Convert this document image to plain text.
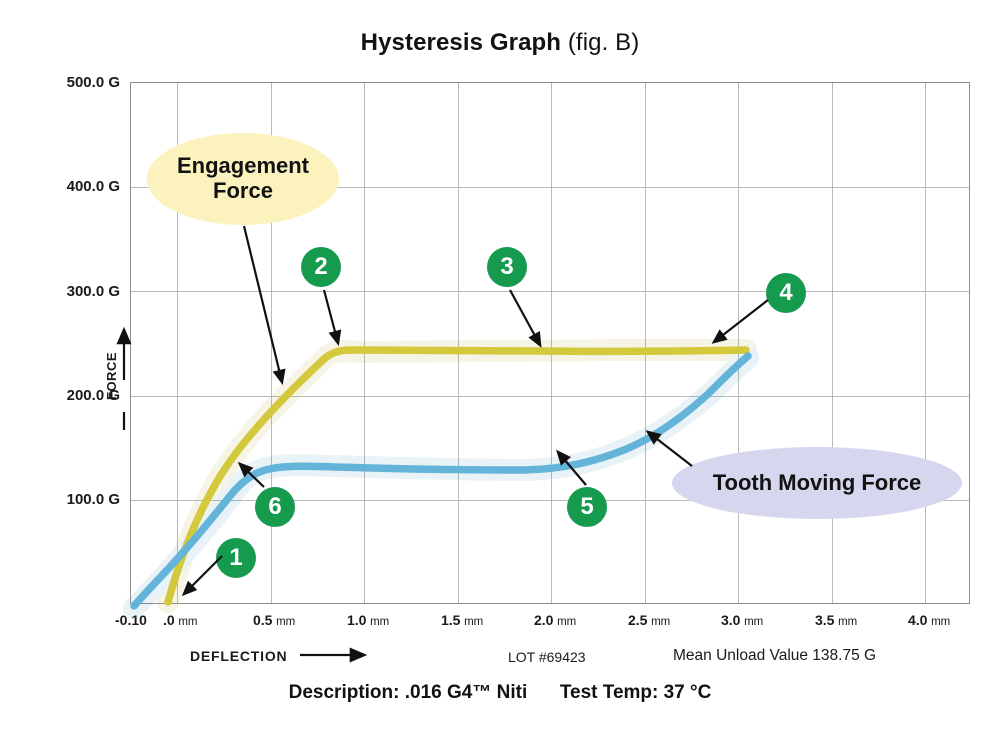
Hysteresis Graph (fig. B)
500.0 G
400.0 G
300.0 G
200.0 G
100.0 G
-0.10 .0 mm	0.5 mm	1.0 mm	1.5 mm	2.0 mm	2.5 mm	3.0 mm	3.5 mm	4.0 mm
FORCE
DEFLECTION
Engagement Force
Tooth Moving Force
1
2	3
4
5
6
LOT #69423	Mean Unload Value 138.75 G
Description: .016 G4™ Niti Test Temp: 37 °C
